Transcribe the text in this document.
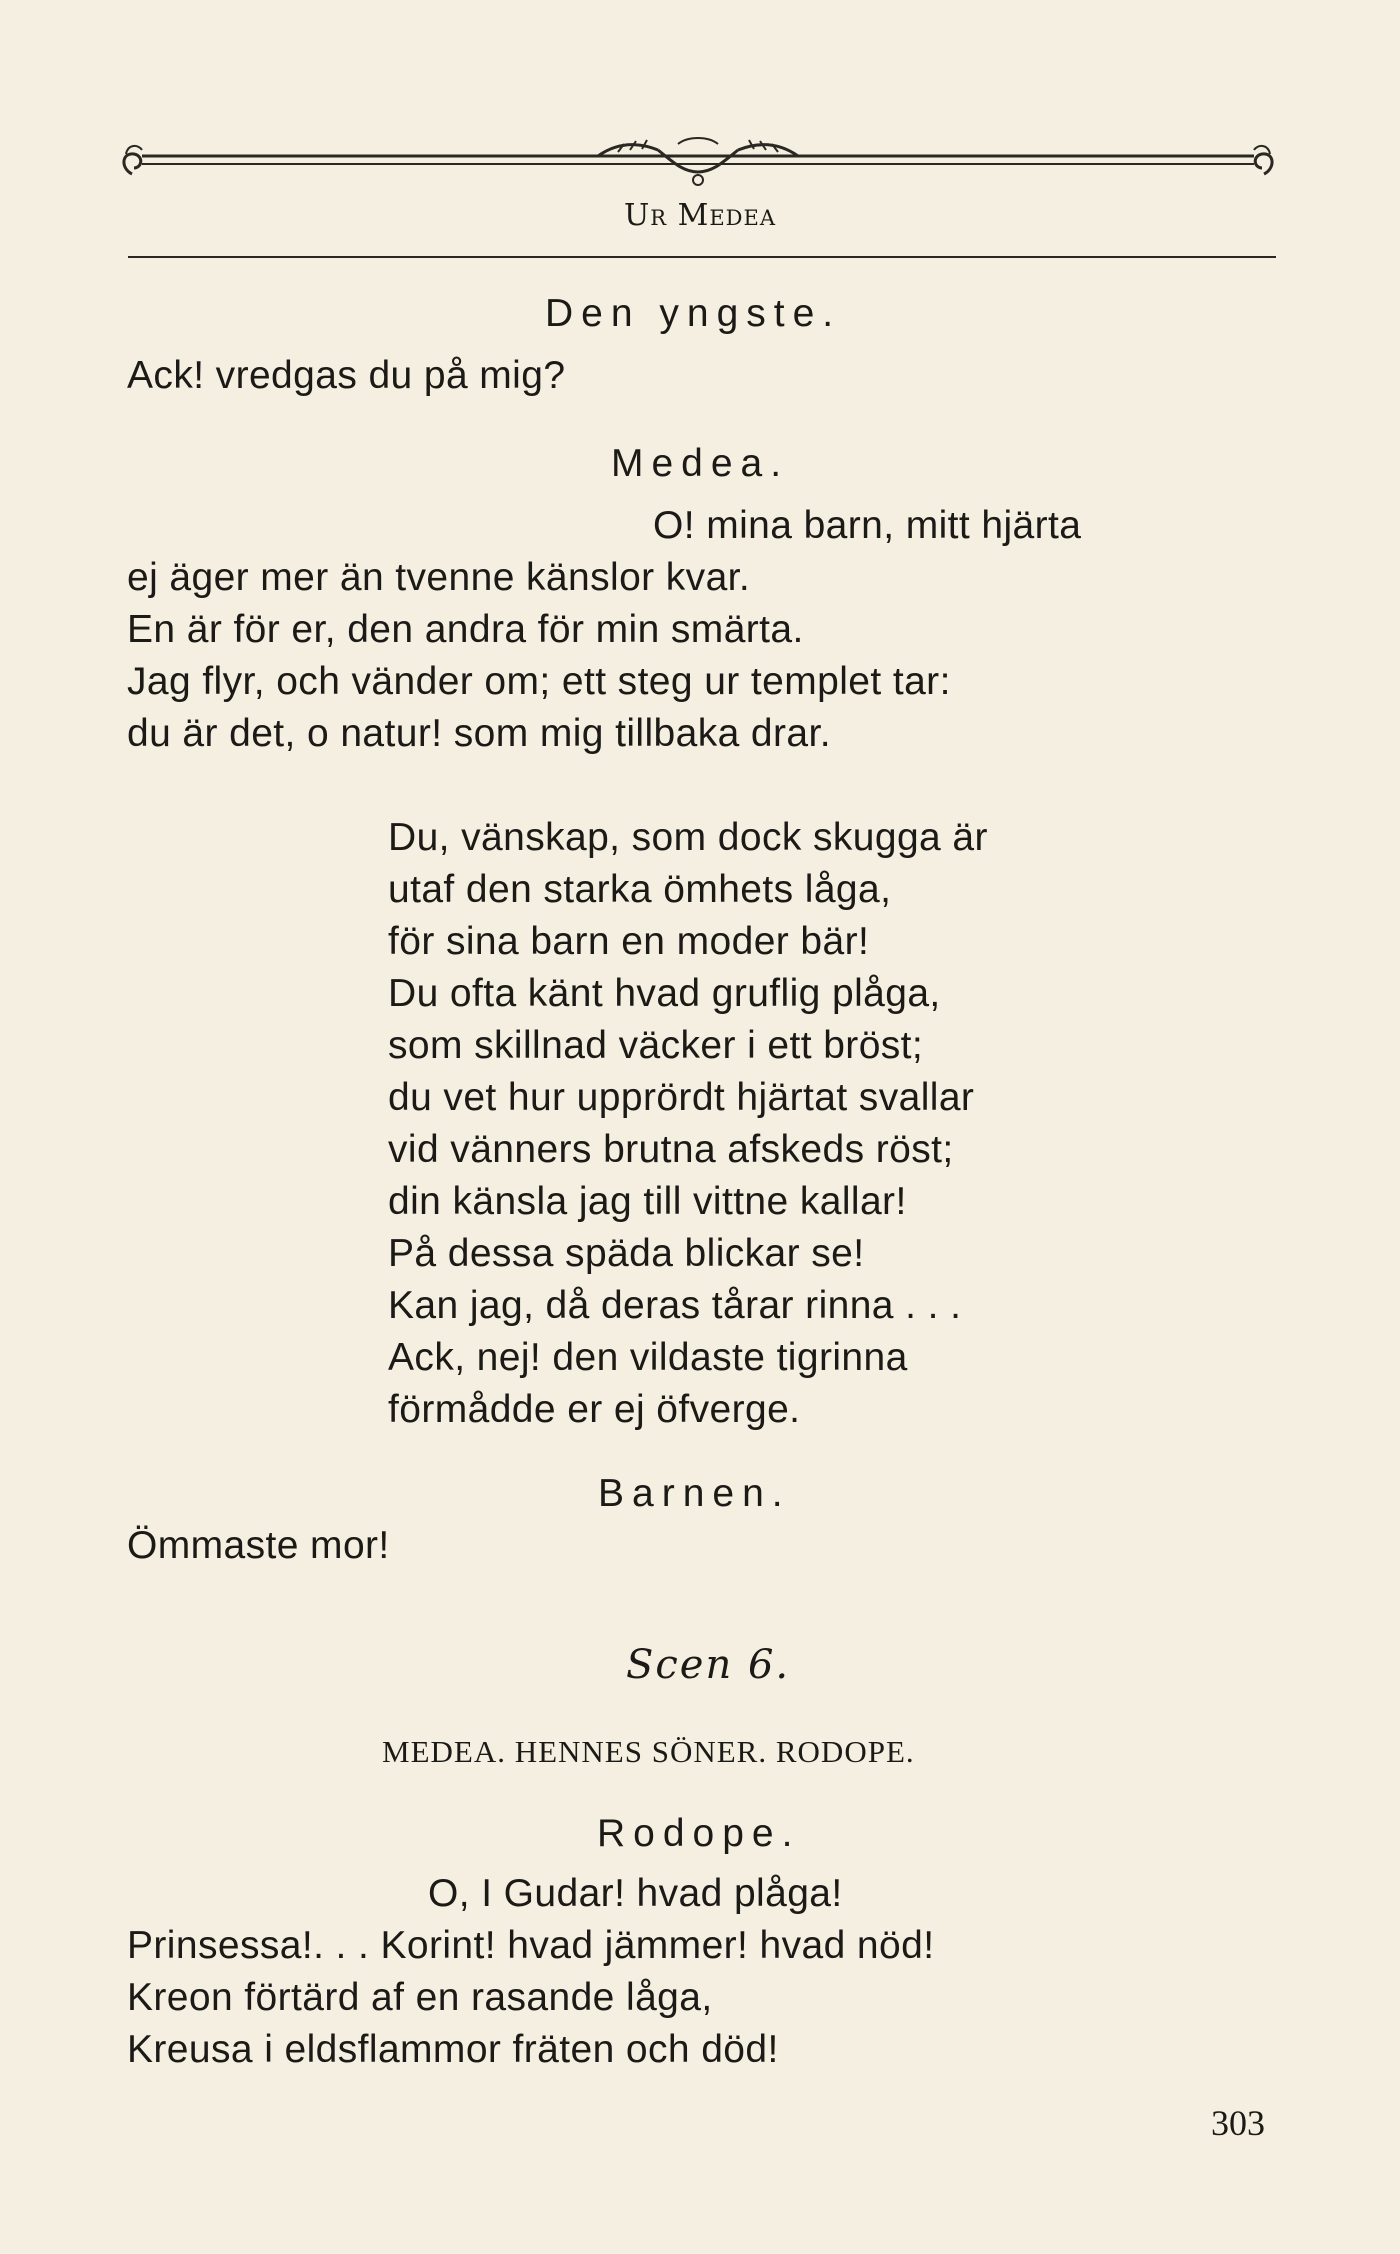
Ur Medea
Den yngste.
Ack! vredgas du på mig?
Medea.
O! mina barn, mitt hjärta
ej äger mer än tvenne känslor kvar.
En är för er, den andra för min smärta.
Jag flyr, och vänder om; ett steg ur templet tar:
du är det, o natur! som mig tillbaka drar.
Du, vänskap, som dock skugga är
utaf den starka ömhets låga,
för sina barn en moder bär!
Du ofta känt hvad gruflig plåga,
som skillnad väcker i ett bröst;
du vet hur upprördt hjärtat svallar
vid vänners brutna afskeds röst;
din känsla jag till vittne kallar!
På dessa späda blickar se!
Kan jag, då deras tårar rinna . . .
Ack, nej! den vildaste tigrinna
förmådde er ej öfverge.
Barnen.
Ömmaste mor!
Scen 6.
MEDEA. HENNES SÖNER. RODOPE.
Rodope.
O, I Gudar! hvad plåga!
Prinsessa!. . . Korint! hvad jämmer! hvad nöd!
Kreon förtärd af en rasande låga,
Kreusa i eldsflammor fräten och död!
303
